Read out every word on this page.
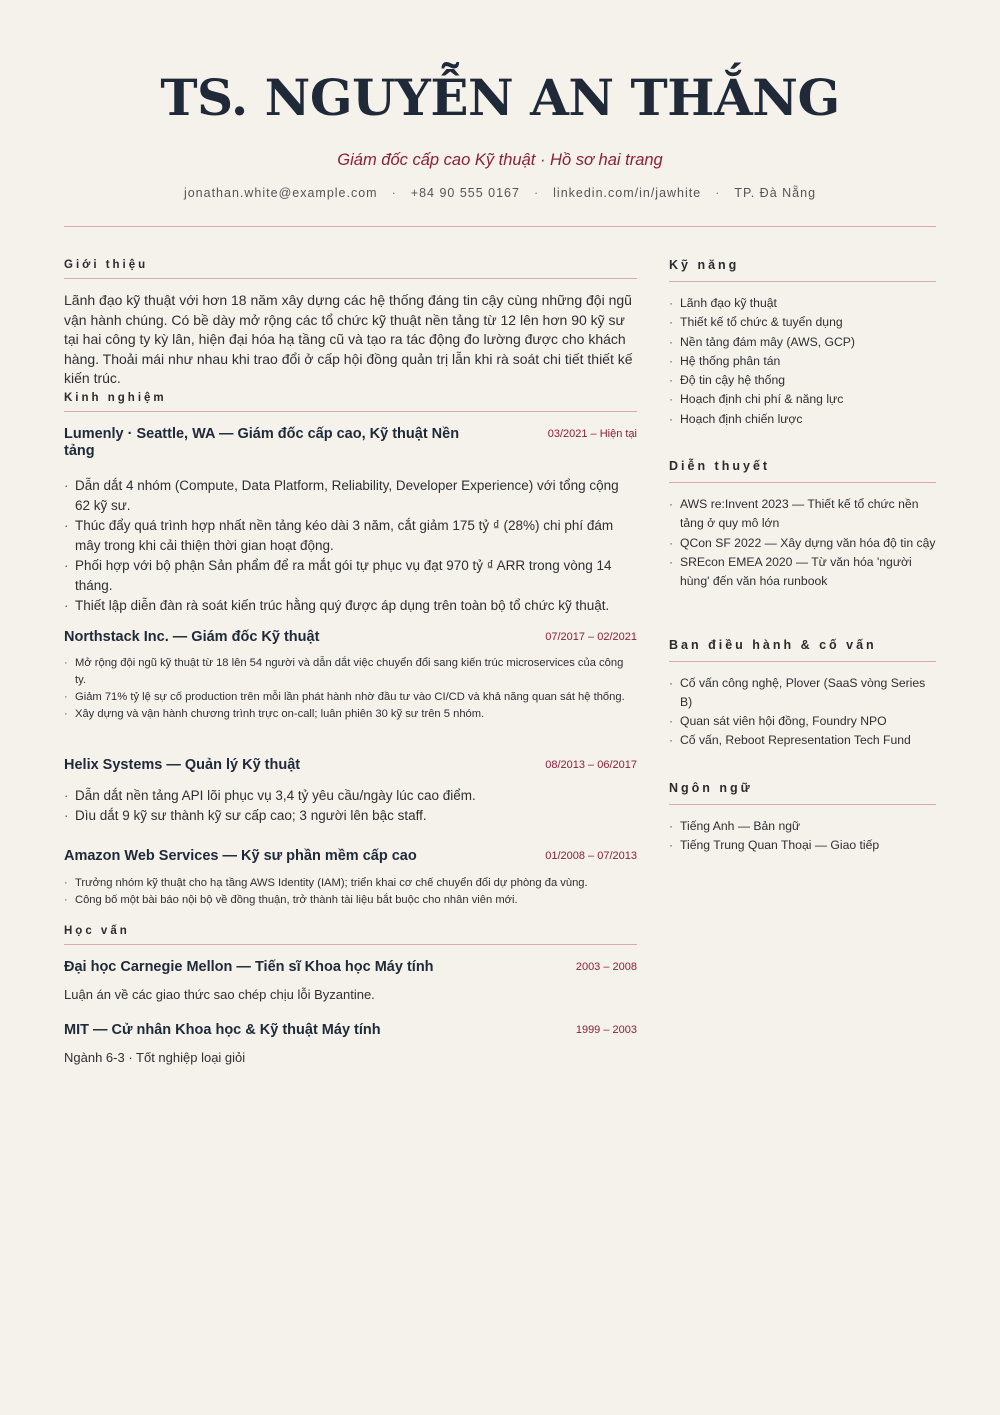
TS. NGUYỄN AN THẮNG
Giám đốc cấp cao Kỹ thuật · Hồ sơ hai trang
jonathan.white@example.com · +84 90 555 0167 · linkedin.com/in/jawhite · TP. Đà Nẵng
Giới thiệu
Lãnh đạo kỹ thuật với hơn 18 năm xây dựng các hệ thống đáng tin cậy cùng những đội ngũ vận hành chúng. Có bề dày mở rộng các tổ chức kỹ thuật nền tảng từ 12 lên hơn 90 kỹ sư tại hai công ty kỳ lân, hiện đại hóa hạ tầng cũ và tạo ra tác động đo lường được cho khách hàng. Thoải mái như nhau khi trao đổi ở cấp hội đồng quản trị lẫn khi rà soát chi tiết thiết kế kiến trúc.
Kinh nghiệm
Lumenly · Seattle, WA — Giám đốc cấp cao, Kỹ thuật Nền tảng
03/2021 – Hiện tại
· Dẫn dắt 4 nhóm (Compute, Data Platform, Reliability, Developer Experience) với tổng cộng 62 kỹ sư.
· Thúc đẩy quá trình hợp nhất nền tảng kéo dài 3 năm, cắt giảm 175 tỷ ₫ (28%) chi phí đám mây trong khi cải thiện thời gian hoạt động.
· Phối hợp với bộ phận Sản phẩm để ra mắt gói tự phục vụ đạt 970 tỷ ₫ ARR trong vòng 14 tháng.
· Thiết lập diễn đàn rà soát kiến trúc hằng quý được áp dụng trên toàn bộ tổ chức kỹ thuật.
Northstack Inc. — Giám đốc Kỹ thuật	07/2017 – 02/2021
· Mở rộng đội ngũ kỹ thuật từ 18 lên 54 người và dẫn dắt việc chuyển đổi sang kiến trúc microservices của công ty.
· Giảm 71% tỷ lệ sự cố production trên mỗi lần phát hành nhờ đầu tư vào CI/CD và khả năng quan sát hệ thống.
· Xây dựng và vận hành chương trình trực on-call; luân phiên 30 kỹ sư trên 5 nhóm.
Helix Systems — Quản lý Kỹ thuật	08/2013 – 06/2017
· Dẫn dắt nền tảng API lõi phục vụ 3,4 tỷ yêu cầu/ngày lúc cao điểm.
· Dìu dắt 9 kỹ sư thành kỹ sư cấp cao; 3 người lên bậc staff.
Amazon Web Services — Kỹ sư phần mềm cấp cao	01/2008 – 07/2013
· Trưởng nhóm kỹ thuật cho hạ tầng AWS Identity (IAM); triển khai cơ chế chuyển đổi dự phòng đa vùng.
· Công bố một bài báo nội bộ về đồng thuận, trở thành tài liệu bắt buộc cho nhân viên mới.
Học vấn
Đại học Carnegie Mellon — Tiến sĩ Khoa học Máy tính	2003 – 2008
Luận án về các giao thức sao chép chịu lỗi Byzantine.
MIT — Cử nhân Khoa học & Kỹ thuật Máy tính	1999 – 2003
Ngành 6-3 · Tốt nghiệp loại giỏi
Kỹ năng
· Lãnh đạo kỹ thuật
· Thiết kế tổ chức & tuyển dụng
· Nền tảng đám mây (AWS, GCP)
· Hệ thống phân tán
· Độ tin cậy hệ thống
· Hoạch định chi phí & năng lực
· Hoạch định chiến lược
Diễn thuyết
· AWS re:Invent 2023 — Thiết kế tổ chức nền tảng ở quy mô lớn
· QCon SF 2022 — Xây dựng văn hóa độ tin cậy
· SREcon EMEA 2020 — Từ văn hóa 'người hùng' đến văn hóa runbook
Ban điều hành & cố vấn
· Cố vấn công nghệ, Plover (SaaS vòng Series B)
· Quan sát viên hội đồng, Foundry NPO
· Cố vấn, Reboot Representation Tech Fund
Ngôn ngữ
· Tiếng Anh — Bản ngữ
· Tiếng Trung Quan Thoại — Giao tiếp
